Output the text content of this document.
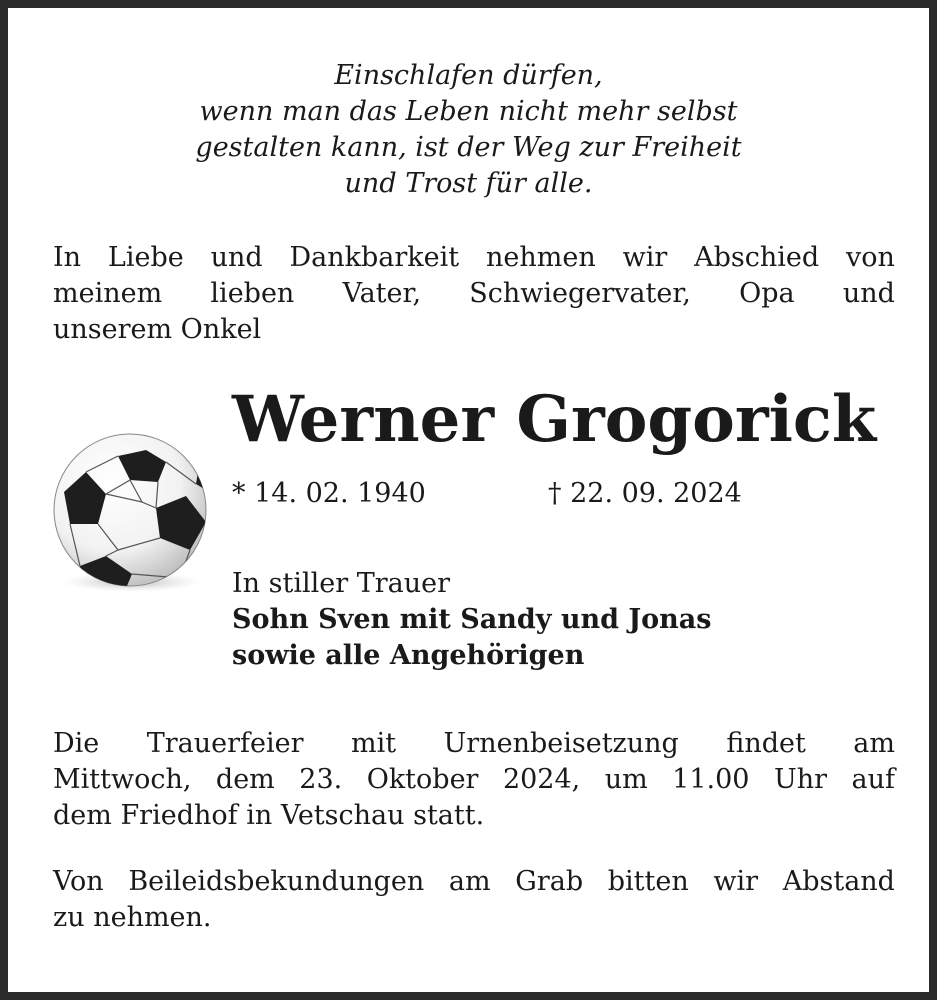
Einschlafen dürfen,
wenn man das Leben nicht mehr selbst
gestalten kann, ist der Weg zur Freiheit
und Trost für alle.
In Liebe und Dankbarkeit nehmen wir Abschied von
meinem lieben Vater, Schwiegervater, Opa und
unserem Onkel
Werner Grogorick
* 14. 02. 1940	† 22. 09. 2024
In stiller Trauer
Sohn Sven mit Sandy und Jonas
sowie alle Angehörigen
Die Trauerfeier mit Urnenbeisetzung findet am
Mittwoch, dem 23. Oktober 2024, um 11.00 Uhr auf
dem Friedhof in Vetschau statt.
Von Beileidsbekundungen am Grab bitten wir Abstand
zu nehmen.
